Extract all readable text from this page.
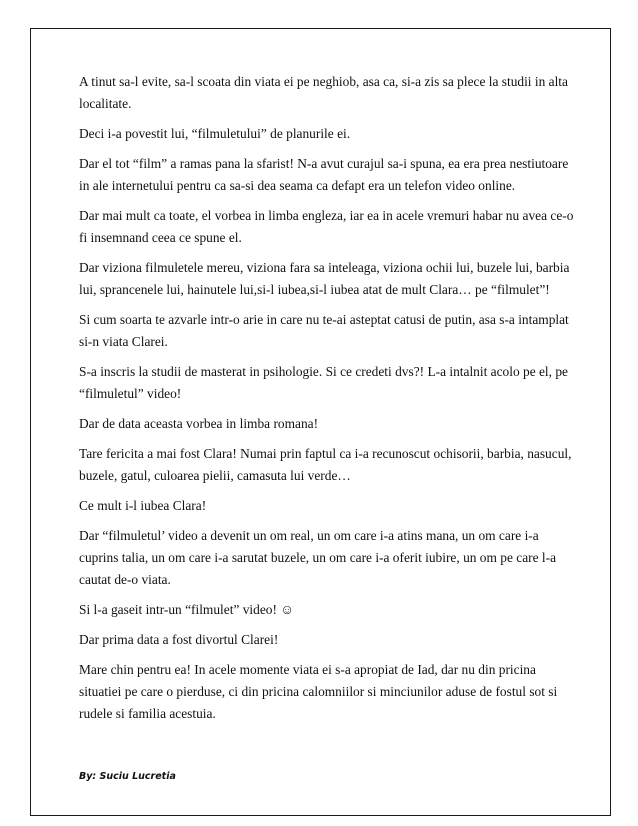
A tinut sa-l evite, sa-l scoata din viata ei pe neghiob, asa ca, si-a zis sa plece la studii in alta localitate.

Deci i-a povestit lui, “filmuletului” de planurile ei.

Dar el tot “film” a ramas pana la sfarist! N-a avut curajul sa-i spuna, ea era prea nestiutoare in ale internetului pentru ca sa-si dea seama ca defapt era un telefon video online.

Dar mai mult ca toate, el vorbea in limba engleza, iar ea in acele vremuri habar nu avea ce-o fi insemnand ceea ce spune el.

Dar viziona filmuletele mereu, viziona fara sa inteleaga, viziona ochii lui, buzele lui, barbia lui, sprancenele lui, hainutele lui,si-l iubea,si-l iubea atat de mult Clara… pe “filmulet”!

Si cum soarta te azvarle intr-o arie in care nu te-ai asteptat catusi de putin, asa s-a intamplat si-n viata Clarei.

S-a inscris la studii de masterat in psihologie. Si ce credeti dvs?! L-a intalnit acolo pe el, pe “filmuletul” video!

Dar de data aceasta vorbea in limba romana!

Tare fericita a mai fost Clara! Numai prin faptul ca i-a recunoscut ochisorii, barbia, nasucul, buzele, gatul, culoarea pielii, camasuta lui verde…

Ce mult i-l iubea Clara!

Dar “filmuletul’ video a devenit un om real, un om care i-a atins mana, un om care i-a cuprins talia, un om care i-a sarutat buzele, un om care i-a oferit iubire, un om pe care l-a cautat de-o viata.

Si l-a gaseit intr-un “filmulet” video! ☺

Dar prima data a fost divortul Clarei!

Mare chin pentru ea! In acele momente viata ei s-a apropiat de Iad, dar nu din pricina situatiei pe care o pierduse, ci din pricina calomniilor si minciunilor aduse de fostul sot si rudele si familia acestuia.

By: Suciu Lucretia
